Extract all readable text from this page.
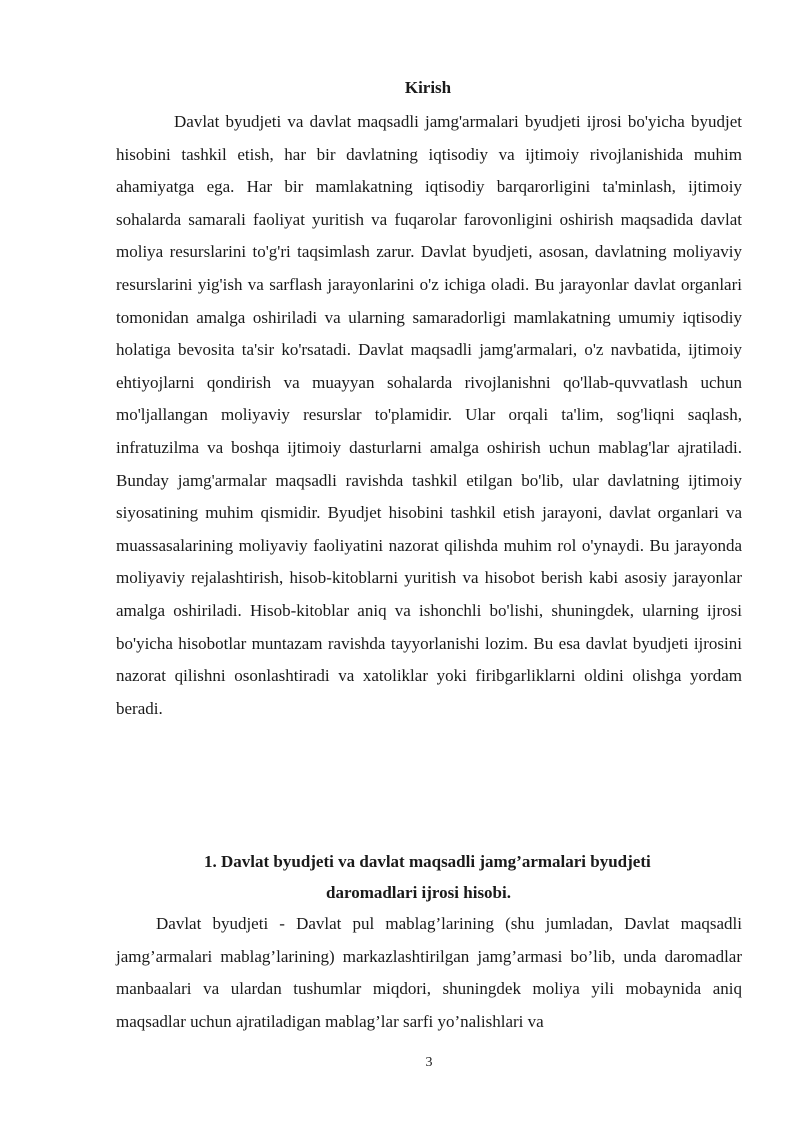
Kirish

Davlat byudjeti va davlat maqsadli jamg'armalari byudjeti ijrosi bo'yicha byudjet hisobini tashkil etish, har bir davlatning iqtisodiy va ijtimoiy rivojlanishida muhim ahamiyatga ega. Har bir mamlakatning iqtisodiy barqarorligini ta'minlash, ijtimoiy sohalarda samarali faoliyat yuritish va fuqarolar farovonligini oshirish maqsadida davlat moliya resurslarini to'g'ri taqsimlash zarur. Davlat byudjeti, asosan, davlatning moliyaviy resurslarini yig'ish va sarflash jarayonlarini o'z ichiga oladi. Bu jarayonlar davlat organlari tomonidan amalga oshiriladi va ularning samaradorligi mamlakatning umumiy iqtisodiy holatiga bevosita ta'sir ko'rsatadi. Davlat maqsadli jamg'armalari, o'z navbatida, ijtimoiy ehtiyojlarni qondirish va muayyan sohalarda rivojlanishni qo'llab-quvvatlash uchun mo'ljallangan moliyaviy resurslar to'plamidir. Ular orqali ta'lim, sog'liqni saqlash, infratuzilma va boshqa ijtimoiy dasturlarni amalga oshirish uchun mablag'lar ajratiladi. Bunday jamg'armalar maqsadli ravishda tashkil etilgan bo'lib, ular davlatning ijtimoiy siyosatining muhim qismidir. Byudjet hisobini tashkil etish jarayoni, davlat organlari va muassasalarining moliyaviy faoliyatini nazorat qilishda muhim rol o'ynaydi. Bu jarayonda moliyaviy rejalashtirish, hisob-kitoblarni yuritish va hisobot berish kabi asosiy jarayonlar amalga oshiriladi. Hisob-kitoblar aniq va ishonchli bo'lishi, shuningdek, ularning ijrosi bo'yicha hisobotlar muntazam ravishda tayyorlanishi lozim. Bu esa davlat byudjeti ijrosini nazorat qilishni osonlashtiradi va xatoliklar yoki firibgarliklarni oldini olishga yordam beradi.

1. Davlat byudjeti va davlat maqsadli jamg’armalari byudjeti
daromadlari ijrosi hisobi.

Davlat byudjeti - Davlat pul mablag’larining (shu jumladan, Davlat maqsadli jamg’armalari mablag’larining) markazlashtirilgan jamg’armasi bo’lib, unda daromadlar manbaalari va ulardan tushumlar miqdori, shuningdek moliya yili mobaynida aniq maqsadlar uchun ajratiladigan mablag’lar sarfi yo’nalishlari va

3
